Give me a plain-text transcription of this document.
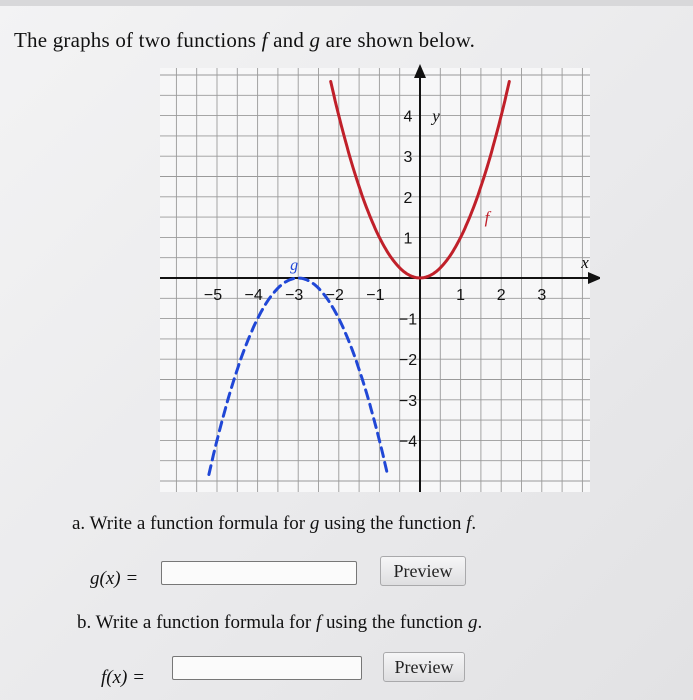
The graphs of two functions f and g are shown below.
−5 −4 −3 −2 −1	1 2 3
4
3
2
1
−1
−2
−3
−4
x
y
f
g
a. Write a function formula for g using the function f.
g(x) =	Preview
b. Write a function formula for f using the function g.
f(x) =
Preview
